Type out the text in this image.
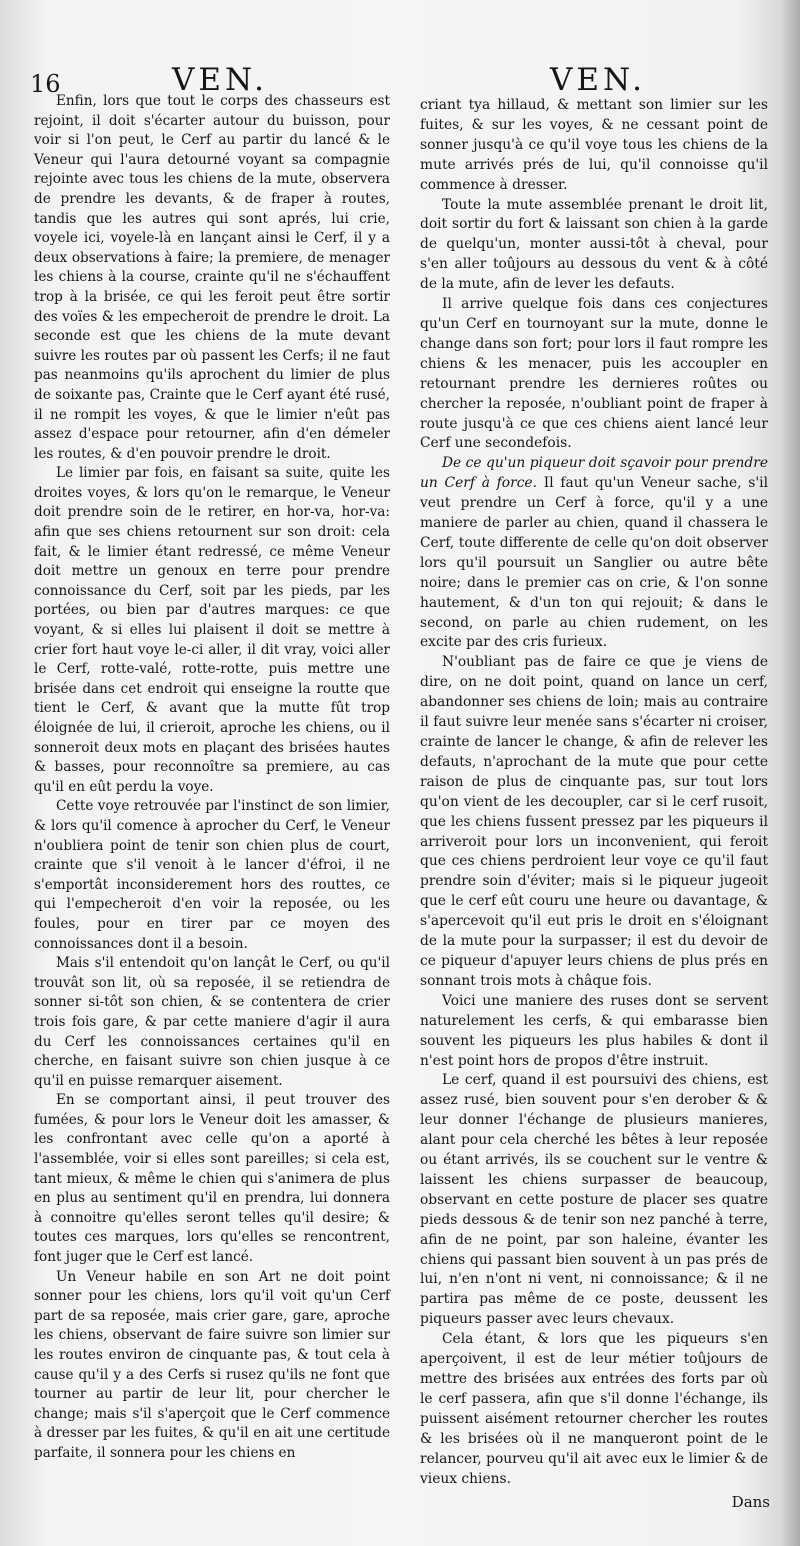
16	VEN.	VEN.

Enfin, lors que tout le corps des chasseurs est rejoint, il doit s'écarter autour du buisson, pour voir si l'on peut, le Cerf au partir du lancé & le Veneur qui l'aura detourné voyant sa compagnie rejointe avec tous les chiens de la mute, observera de prendre les devants, & de fraper à routes, tandis que les autres qui sont aprés, lui crie, voyele ici, voyele-là en lançant ainsi le Cerf, il y a deux observations à faire; la premiere, de menager les chiens à la course, crainte qu'il ne s'échauffent trop à la brisée, ce qui les feroit peut être sortir des voïes & les empecheroit de prendre le droit. La seconde est que les chiens de la mute devant suivre les routes par où passent les Cerfs; il ne faut pas neanmoins qu'ils aprochent du limier de plus de soixante pas, Crainte que le Cerf ayant été rusé, il ne rompit les voyes, & que le limier n'eût pas assez d'espace pour retourner, afin d'en démeler les routes, & d'en pouvoir prendre le droit.

Le limier par fois, en faisant sa suite, quite les droites voyes, & lors qu'on le remarque, le Veneur doit prendre soin de le retirer, en hor-va, hor-va: afin que ses chiens retournent sur son droit: cela fait, & le limier étant redressé, ce même Veneur doit mettre un genoux en terre pour prendre connoissance du Cerf, soit par les pieds, par les portées, ou bien par d'autres marques: ce que voyant, & si elles lui plaisent il doit se mettre à crier fort haut voye le-ci aller, il dit vray, voici aller le Cerf, rotte-valé, rotte-rotte, puis mettre une brisée dans cet endroit qui enseigne la routte que tient le Cerf, & avant que la mutte fût trop éloignée de lui, il crieroit, aproche les chiens, ou il sonneroit deux mots en plaçant des brisées hautes & basses, pour reconnoître sa premiere, au cas qu'il en eût perdu la voye.

Cette voye retrouvée par l'instinct de son limier, & lors qu'il comence à aprocher du Cerf, le Veneur n'oubliera point de tenir son chien plus de court, crainte que s'il venoit à le lancer d'éfroi, il ne s'emportât inconsiderement hors des routtes, ce qui l'empecheroit d'en voir la reposée, ou les foules, pour en tirer par ce moyen des connoissances dont il a besoin.

Mais s'il entendoit qu'on lançât le Cerf, ou qu'il trouvât son lit, où sa reposée, il se retiendra de sonner si-tôt son chien, & se contentera de crier trois fois gare, & par cette maniere d'agir il aura du Cerf les connoissances certaines qu'il en cherche, en faisant suivre son chien jusque à ce qu'il en puisse remarquer aisement.

En se comportant ainsi, il peut trouver des fumées, & pour lors le Veneur doit les amasser, & les confrontant avec celle qu'on a aporté à l'assemblée, voir si elles sont pareilles; si cela est, tant mieux, & même le chien qui s'animera de plus en plus au sentiment qu'il en prendra, lui donnera à connoitre qu'elles seront telles qu'il desire; & toutes ces marques, lors qu'elles se rencontrent, font juger que le Cerf est lancé.

Un Veneur habile en son Art ne doit point sonner pour les chiens, lors qu'il voit qu'un Cerf part de sa reposée, mais crier gare, gare, aproche les chiens, observant de faire suivre son limier sur les routes environ de cinquante pas, & tout cela à cause qu'il y a des Cerfs si rusez qu'ils ne font que tourner au partir de leur lit, pour chercher le change; mais s'il s'aperçoit que le Cerf commence à dresser par les fuites, & qu'il en ait une certitude parfaite, il sonnera pour les chiens en

criant tya hillaud, & mettant son limier sur les fuites, & sur les voyes, & ne cessant point de sonner jusqu'à ce qu'il voye tous les chiens de la mute arrivés prés de lui, qu'il connoisse qu'il commence à dresser.

Toute la mute assemblée prenant le droit lit, doit sortir du fort & laissant son chien à la garde de quelqu'un, monter aussi-tôt à cheval, pour s'en aller toûjours au dessous du vent & à côté de la mute, afin de lever les defauts.

Il arrive quelque fois dans ces conjectures qu'un Cerf en tournoyant sur la mute, donne le change dans son fort; pour lors il faut rompre les chiens & les menacer, puis les accoupler en retournant prendre les dernieres roûtes ou chercher la reposée, n'oubliant point de fraper à route jusqu'à ce que ces chiens aient lancé leur Cerf une secondefois.

De ce qu'un piqueur doit sçavoir pour prendre un Cerf à force. Il faut qu'un Veneur sache, s'il veut prendre un Cerf à force, qu'il y a une maniere de parler au chien, quand il chassera le Cerf, toute differente de celle qu'on doit observer lors qu'il poursuit un Sanglier ou autre bête noire; dans le premier cas on crie, & l'on sonne hautement, & d'un ton qui rejouit; & dans le second, on parle au chien rudement, on les excite par des cris furieux.

N'oubliant pas de faire ce que je viens de dire, on ne doit point, quand on lance un cerf, abandonner ses chiens de loin; mais au contraire il faut suivre leur menée sans s'écarter ni croiser, crainte de lancer le change, & afin de relever les defauts, n'aprochant de la mute que pour cette raison de plus de cinquante pas, sur tout lors qu'on vient de les decoupler, car si le cerf rusoit, que les chiens fussent pressez par les piqueurs il arriveroit pour lors un inconvenient, qui feroit que ces chiens perdroient leur voye ce qu'il faut prendre soin d'éviter; mais si le piqueur jugeoit que le cerf eût couru une heure ou davantage, & s'apercevoit qu'il eut pris le droit en s'éloignant de la mute pour la surpasser; il est du devoir de ce piqueur d'apuyer leurs chiens de plus prés en sonnant trois mots à châque fois.

Voici une maniere des ruses dont se servent naturelement les cerfs, & qui embarasse bien souvent les piqueurs les plus habiles & dont il n'est point hors de propos d'être instruit.

Le cerf, quand il est poursuivi des chiens, est assez rusé, bien souvent pour s'en derober & & leur donner l'échange de plusieurs manieres, alant pour cela cherché les bêtes à leur reposée ou étant arrivés, ils se couchent sur le ventre & laissent les chiens surpasser de beaucoup, observant en cette posture de placer ses quatre pieds dessous & de tenir son nez panché à terre, afin de ne point, par son haleine, évanter les chiens qui passant bien souvent à un pas prés de lui, n'en n'ont ni vent, ni connoissance; & il ne partira pas même de ce poste, deussent les piqueurs passer avec leurs chevaux.

Cela étant, & lors que les piqueurs s'en aperçoivent, il est de leur métier toûjours de mettre des brisées aux entrées des forts par où le cerf passera, afin que s'il donne l'échange, ils puissent aisément retourner chercher les routes & les brisées où il ne manqueront point de le relancer, pourveu qu'il ait avec eux le limier & de vieux chiens.

Dans
